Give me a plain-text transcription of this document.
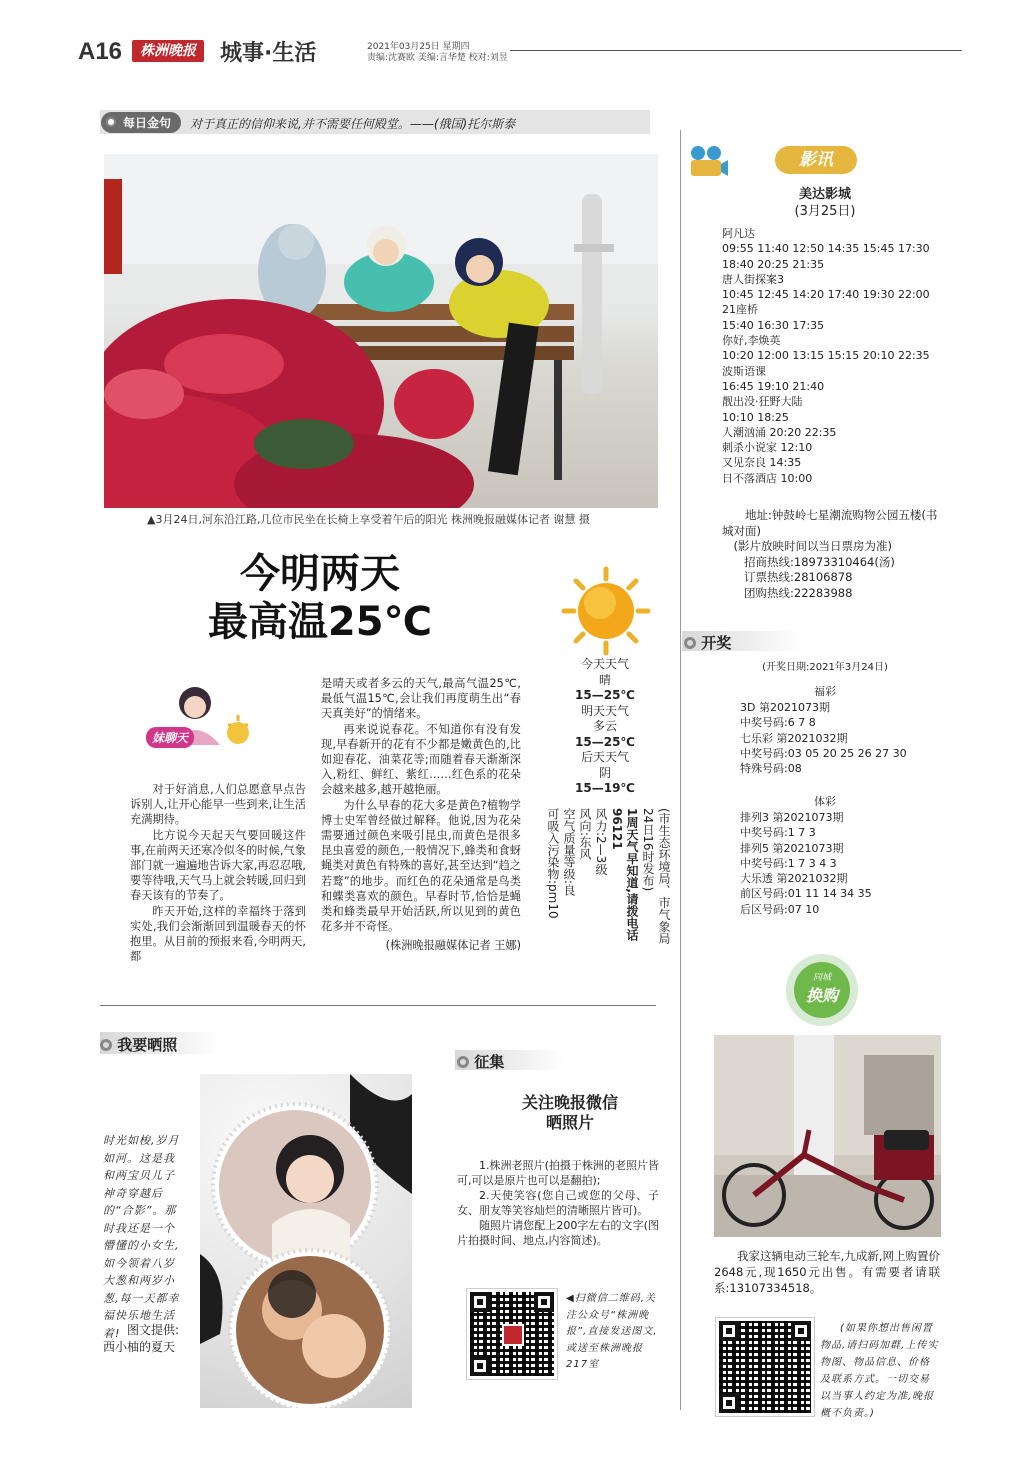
A16	株洲晚报	城事·生活	2021年03月25日 星期四
责编:沈赛欧 美编:言华楚 校对:刘昱
每日金句	对于真正的信仰来说,并不需要任何殿堂。——(俄国)托尔斯泰
▲3月24日,河东沿江路,几位市民坐在长椅上享受着午后的阳光 株洲晚报融媒体记者 谢慧 摄
今明两天
最高温25℃
今天天气
晴
15—25℃
明天天气
多云
15—25℃
后天天气
阴
15—19℃
(市生态环境局、市气象局
24日16时发布)
1周天气早知道,请拨电话96121
风力:2—3级
风向:东风
空气质量等级:良
可吸入污染物:pm10
妹聊天

对于好消息,人们总愿意早点告诉别人,让开心能早一些到来,让生活充满期待。

比方说今天起天气要回暖这件事,在前两天还寒冷似冬的时候,气象部门就一遍遍地告诉大家,再忍忍哦,要等待哦,天气马上就会转暖,回归到春天该有的节奏了。

昨天开始,这样的幸福终于落到实处,我们会渐渐回到温暖春天的怀抱里。从目前的预报来看,今明两天,都

是晴天或者多云的天气,最高气温25℃,最低气温15℃,会让我们再度萌生出“春天真美好”的情绪来。

再来说说春花。不知道你有没有发现,早春新开的花有不少都是嫩黄色的,比如迎春花、油菜花等;而随着春天渐渐深入,粉红、鲜红、紫红……红色系的花朵会越来越多,越开越艳丽。

为什么早春的花大多是黄色?植物学博士史军曾经做过解释。他说,因为花朵需要通过颜色来吸引昆虫,而黄色是很多昆虫喜爱的颜色,一般情况下,蜂类和食蚜蝇类对黄色有特殊的喜好,甚至达到“趋之若鹜”的地步。而红色的花朵通常是鸟类和蝶类喜欢的颜色。早春时节,恰恰是蝇类和蜂类最早开始活跃,所以见到的黄色花多并不奇怪。

(株洲晚报融媒体记者 王娜)
我要晒照
时光如梭,岁月如河。这是我和两宝贝儿子神奇穿越后的“合影”。那时我还是一个懵懂的小女生,如今领着八岁大葱和两岁小葱,每一天都幸福快乐地生活着! 图文提供:
西小柚的夏天
征集
关注晚报微信
晒照片

1.株洲老照片(拍摄于株洲的老照片皆可,可以是原片也可以是翻拍);

2.天使笑容(您自己或您的父母、子女、朋友等笑容灿烂的清晰照片皆可)。

随照片请您配上200字左右的文字(图片拍摄时间、地点,内容简述)。

◀扫微信二维码,关注公众号“株洲晚报”,直接发送图文,或送至株洲晚报217室
影讯
美达影城
(3月25日)
阿凡达
09:55 11:40 12:50 14:35 15:45 17:30 18:40 20:25 21:35
唐人街探案3
10:45 12:45 14:20 17:40 19:30 22:00
21座桥
15:40 16:30 17:35
你好,李焕英
10:20 12:00 13:15 15:15 20:10 22:35
波斯语课
16:45 19:10 21:40
靓出没·狂野大陆
10:10 18:25
人潮汹涌 20:20 22:35
刺杀小说家 12:10
又见奈良 14:35
日不落酒店 10:00
地址:钟鼓岭七星潮流购物公园五楼(书城对面)
(影片放映时间以当日票房为准)
招商热线:18973310464(汤)
订票热线:28106878
团购热线:22283988
开奖
(开奖日期:2021年3月24日)
福彩
3D 第2021073期
中奖号码:6 7 8
七乐彩 第2021032期
中奖号码:03 05 20 25 26 27 30
特殊号码:08
体彩
排列3 第2021073期
中奖号码:1 7 3
排列5 第2021073期
中奖号码:1 7 3 4 3
大乐透 第2021032期
前区号码:01 11 14 34 35
后区号码:07 10
同城
换购

我家这辆电动三轮车,九成新,网上购置价2648元,现1650元出售。有需要者请联系:13107334518。

(如果你想出售闲置物品,请扫码加群,上传实物图、物品信息、价格及联系方式。一切交易以当事人约定为准,晚报概不负责。)
